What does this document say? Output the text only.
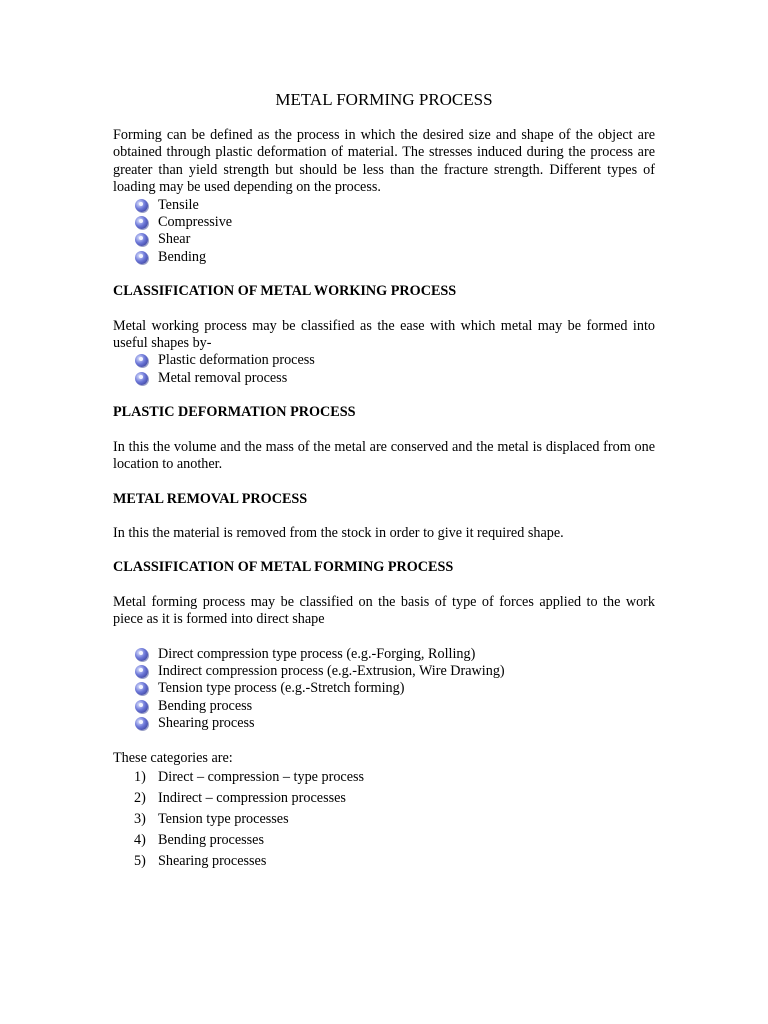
METAL FORMING PROCESS

Forming can be defined as the process in which the desired size and shape of the object are obtained through plastic deformation of material. The stresses induced during the process are greater than yield strength but should be less than the fracture strength. Different types of loading may be used depending on the process.

Tensile
Compressive
Shear
Bending
CLASSIFICATION OF METAL WORKING PROCESS

Metal working process may be classified as the ease with which metal may be formed into useful shapes by-

Plastic deformation process
Metal removal process
PLASTIC DEFORMATION PROCESS

In this the volume and the mass of the metal are conserved and the metal is displaced from one location to another.

METAL REMOVAL PROCESS

In this the material is removed from the stock in order to give it required shape.

CLASSIFICATION OF METAL FORMING PROCESS

Metal forming process may be classified on the basis of type of forces applied to the work piece as it is formed into direct shape

Direct compression type process (e.g.-Forging, Rolling)
Indirect compression process (e.g.-Extrusion, Wire Drawing)
Tension type process (e.g.-Stretch forming)
Bending process
Shearing process

These categories are:

1) Direct – compression – type process
2) Indirect – compression processes
3) Tension type processes
4) Bending processes
5) Shearing processes
